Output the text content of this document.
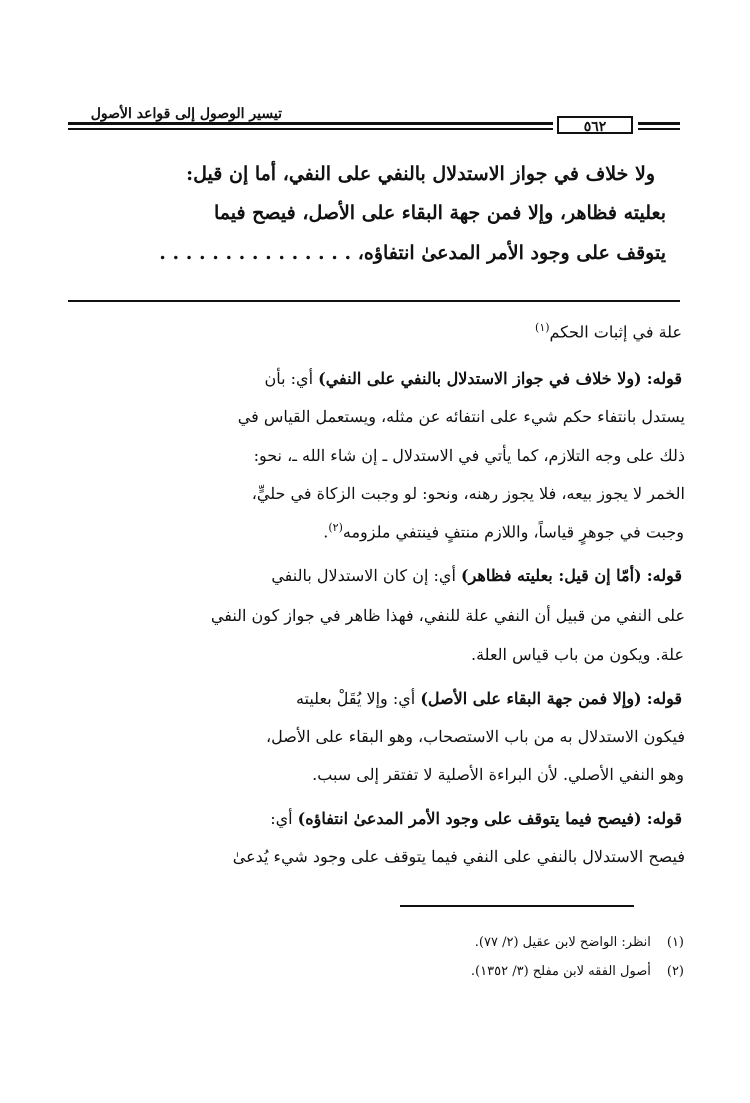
تيسير الوصول إلى قواعد الأصول
٥٦٢
ولا خلاف في جواز الاستدلال بالنفي على النفي، أما إن قيل:
بعليته فظاهر، وإلا فمن جهة البقاء على الأصل، فيصح فيما
يتوقف على وجود الأمر المدعىٰ انتفاؤه، . . . . . . . . . . . . . . .
علة في إثبات الحكم$^{(١)}$
قوله: (ولا خلاف في جواز الاستدلال بالنفي على النفي) أي: بأن
يستدل بانتفاء حكم شيء على انتفائه عن مثله، ويستعمل القياس في
ذلك على وجه التلازم، كما يأتي في الاستدلال ـ إن شاء الله ـ، نحو:
الخمر لا يجوز بيعه، فلا يجوز رهنه، ونحو: لو وجبت الزكاة في حليٍّ،
وجبت في جوهرٍ قياساً، واللازم منتفٍ فينتفي ملزومه$^{(٢)}$.
قوله: (أمّا إن قيل: بعليته فظاهر) أي: إن كان الاستدلال بالنفي
على النفي من قبيل أن النفي علة للنفي، فهذا ظاهر في جواز كون النفي
علة. ويكون من باب قياس العلة.
قوله: (وإلا فمن جهة البقاء على الأصل) أي: وإلا يُقَلْ بعليته
فيكون الاستدلال به من باب الاستصحاب، وهو البقاء على الأصل،
وهو النفي الأصلي. لأن البراءة الأصلية لا تفتقر إلى سبب.
قوله: (فيصح فيما يتوقف على وجود الأمر المدعىٰ انتفاؤه) أي:
فيصح الاستدلال بالنفي على النفي فيما يتوقف على وجود شيء يُدعىٰ
(١)انظر: الواضح لابن عقيل (٢/ ٧٧).
(٢)أصول الفقه لابن مفلح (٣/ ١٣٥٢).
